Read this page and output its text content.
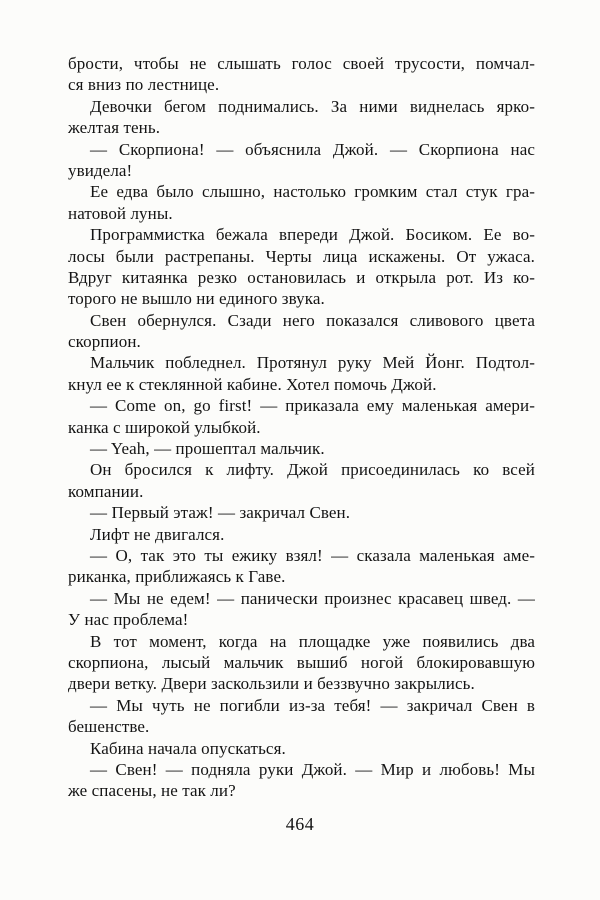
брости, чтобы не слышать голос своей трусости, помчал-
ся вниз по лестнице.
Девочки бегом поднимались. За ними виднелась ярко-
желтая тень.
— Скорпиона! — объяснила Джой. — Скорпиона нас
увидела!
Ее едва было слышно, настолько громким стал стук гра-
натовой луны.
Программистка бежала впереди Джой. Босиком. Ее во-
лосы были растрепаны. Черты лица искажены. От ужаса.
Вдруг китаянка резко остановилась и открыла рот. Из ко-
торого не вышло ни единого звука.
Свен обернулся. Сзади него показался сливового цвета
скорпион.
Мальчик побледнел. Протянул руку Мей Йонг. Подтол-
кнул ее к стеклянной кабине. Хотел помочь Джой.
— Come on, go first! — приказала ему маленькая амери-
канка с широкой улыбкой.
— Yeah, — прошептал мальчик.
Он бросился к лифту. Джой присоединилась ко всей
компании.
— Первый этаж! — закричал Свен.
Лифт не двигался.
— О, так это ты ежику взял! — сказала маленькая аме-
риканка, приближаясь к Гаве.
— Мы не едем! — панически произнес красавец швед. —
У нас проблема!
В тот момент, когда на площадке уже появились два
скорпиона, лысый мальчик вышиб ногой блокировавшую
двери ветку. Двери заскользили и беззвучно закрылись.
— Мы чуть не погибли из-за тебя! — закричал Свен в
бешенстве.
Кабина начала опускаться.
— Свен! — подняла руки Джой. — Мир и любовь! Мы
же спасены, не так ли?
464
